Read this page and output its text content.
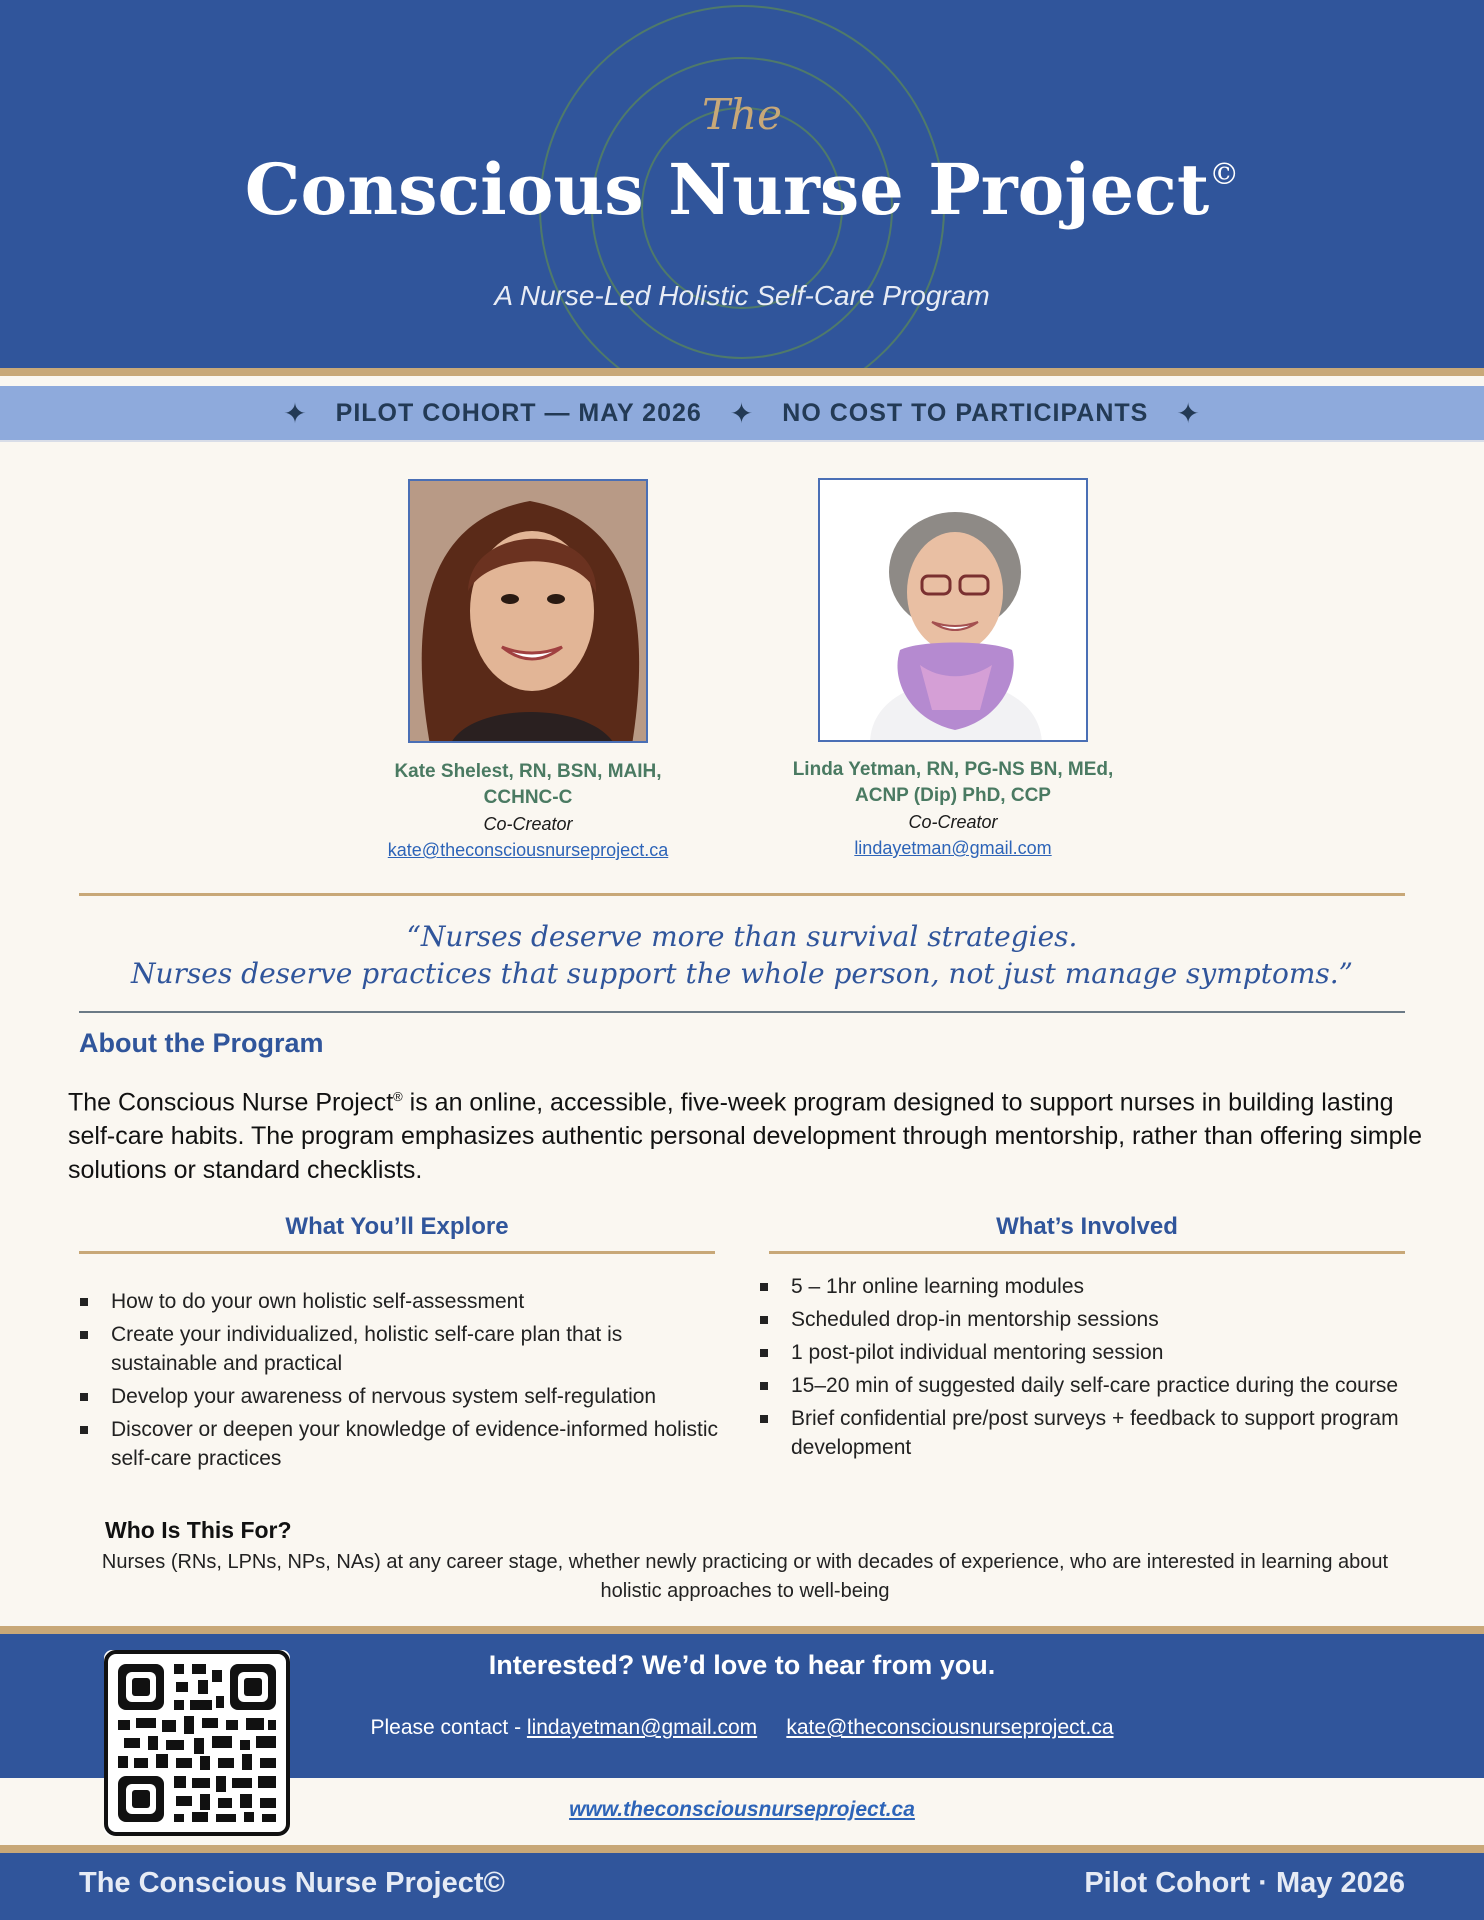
The
Conscious Nurse Project©
A Nurse-Led Holistic Self-Care Program
✦ PILOT COHORT — MAY 2026 ✦ NO COST TO PARTICIPANTS ✦
Kate Shelest, RN, BSN, MAIH,
CCHNC-C
Co-Creator
kate@theconsciousnurseproject.ca
Linda Yetman, RN, PG-NS BN, MEd,
ACNP (Dip) PhD, CCP
Co-Creator
lindayetman@gmail.com
“Nurses deserve more than survival strategies.
Nurses deserve practices that support the whole person, not just manage symptoms.”
About the Program
The Conscious Nurse Project® is an online, accessible, five-week program designed to support nurses in building lasting self-care habits. The program emphasizes authentic personal development through mentorship, rather than offering simple solutions or standard checklists.
What You’ll Explore
How to do your own holistic self-assessment
Create your individualized, holistic self-care plan that is sustainable and practical
Develop your awareness of nervous system self-regulation
Discover or deepen your knowledge of evidence-informed holistic self-care practices
What’s Involved
5 – 1hr online learning modules
Scheduled drop-in mentorship sessions
1 post-pilot individual mentoring session
15–20 min of suggested daily self-care practice during the course
Brief confidential pre/post surveys + feedback to support program development
Who Is This For?
Nurses (RNs, LPNs, NPs, NAs) at any career stage, whether newly practicing or with decades of experience, who are interested in learning about holistic approaches to well-being
Interested? We’d love to hear from you.
Please contact - lindayetman@gmail.com kate@theconsciousnurseproject.ca
www.theconsciousnurseproject.ca
The Conscious Nurse Project©	Pilot Cohort · May 2026
